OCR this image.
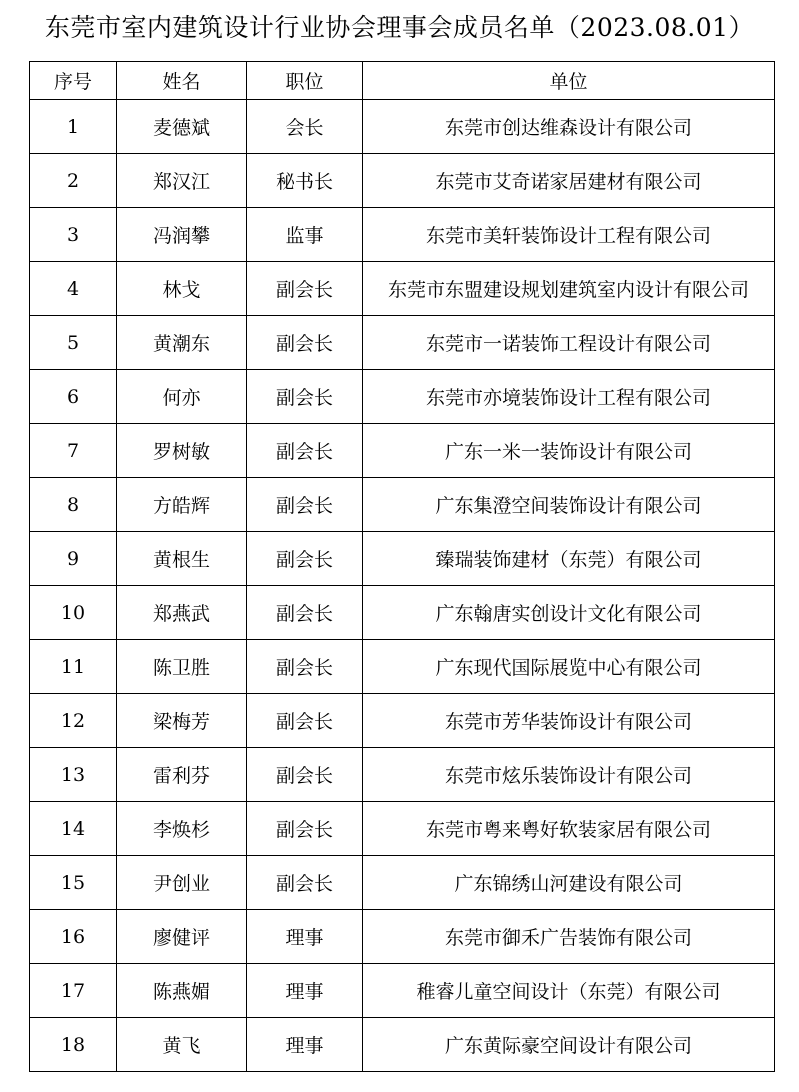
东莞市室内建筑设计行业协会理事会成员名单（2023.08.01）
序号	姓名	职位	单位
1	麦德斌	会长	东莞市创达维森设计有限公司
2	郑汉江	秘书长	东莞市艾奇诺家居建材有限公司
3	冯润攀	监事	东莞市美轩装饰设计工程有限公司
4	林戈	副会长	东莞市东盟建设规划建筑室内设计有限公司
5	黄潮东	副会长	东莞市一诺装饰工程设计有限公司
6	何亦	副会长	东莞市亦境装饰设计工程有限公司
7	罗树敏	副会长	广东一米一装饰设计有限公司
8	方皓辉	副会长	广东集澄空间装饰设计有限公司
9	黄根生	副会长	臻瑞装饰建材（东莞）有限公司
10	郑燕武	副会长	广东翰唐实创设计文化有限公司
11	陈卫胜	副会长	广东现代国际展览中心有限公司
12	梁梅芳	副会长	东莞市芳华装饰设计有限公司
13	雷利芬	副会长	东莞市炫乐装饰设计有限公司
14	李焕杉	副会长	东莞市粤来粤好软装家居有限公司
15	尹创业	副会长	广东锦绣山河建设有限公司
16	廖健评	理事	东莞市御禾广告装饰有限公司
17	陈燕媚	理事	稚睿儿童空间设计（东莞）有限公司
18	黄飞	理事	广东黄际豪空间设计有限公司
